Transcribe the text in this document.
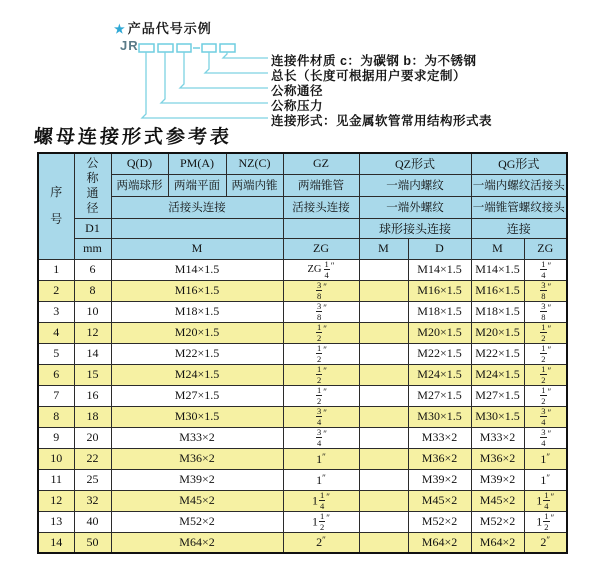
★ 产品代号示例
JR
连接件材质 c：为碳钢 b：为不锈钢
总长（长度可根据用户要求定制）
公称通径
公称压力
连接形式：见金属软管常用结构形式表
螺母连接形式参考表
序号	公称通径	Q(D)	PM(A)	NZ(C)	GZ	QZ形式		QG形式	
		两端球形	两端平面	两端内锥	两端锥管	一端内螺纹		一端内螺纹活接头	
		活接头连接			活接头连接	一端外螺纹		一端锥管螺纹接头	
	D1					球形接头连接		连接	
	mm	M			ZG	M	D	M	ZG
1	6	M14×1.5			ZG $\frac{1}{4} ''$		M14×1.5	M14×1.5	$\frac{1}{4} ''$
2	8	M16×1.5			$\frac{3}{8} ''$		M16×1.5	M16×1.5	$\frac{3}{8} ''$
3	10	M18×1.5			$\frac{3}{8} ''$		M18×1.5	M18×1.5	$\frac{3}{8} ''$
4	12	M20×1.5			$\frac{1}{2} ''$		M20×1.5	M20×1.5	$\frac{1}{2} ''$
5	14	M22×1.5			$\frac{1}{2} ''$		M22×1.5	M22×1.5	$\frac{1}{2} ''$
6	15	M24×1.5			$\frac{1}{2} ''$		M24×1.5	M24×1.5	$\frac{1}{2} ''$
7	16	M27×1.5			$\frac{1}{2} ''$		M27×1.5	M27×1.5	$\frac{1}{2} ''$
8	18	M30×1.5			$\frac{3}{4} ''$		M30×1.5	M30×1.5	$\frac{3}{4} ''$
9	20	M33×2			$\frac{3}{4} ''$		M33×2	M33×2	$\frac{3}{4} ''$
10	22	M36×2			1″		M36×2	M36×2	1″
11	25	M39×2			1″		M39×2	M39×2	1″
12	32	M45×2			$1 \frac{1}{4} ''$		M45×2	M45×2	$1 \frac{1}{4} ''$
13	40	M52×2			$1 \frac{1}{2} ''$		M52×2	M52×2	$1 \frac{1}{2} ''$
14	50	M64×2			2″		M64×2	M64×2	2″
